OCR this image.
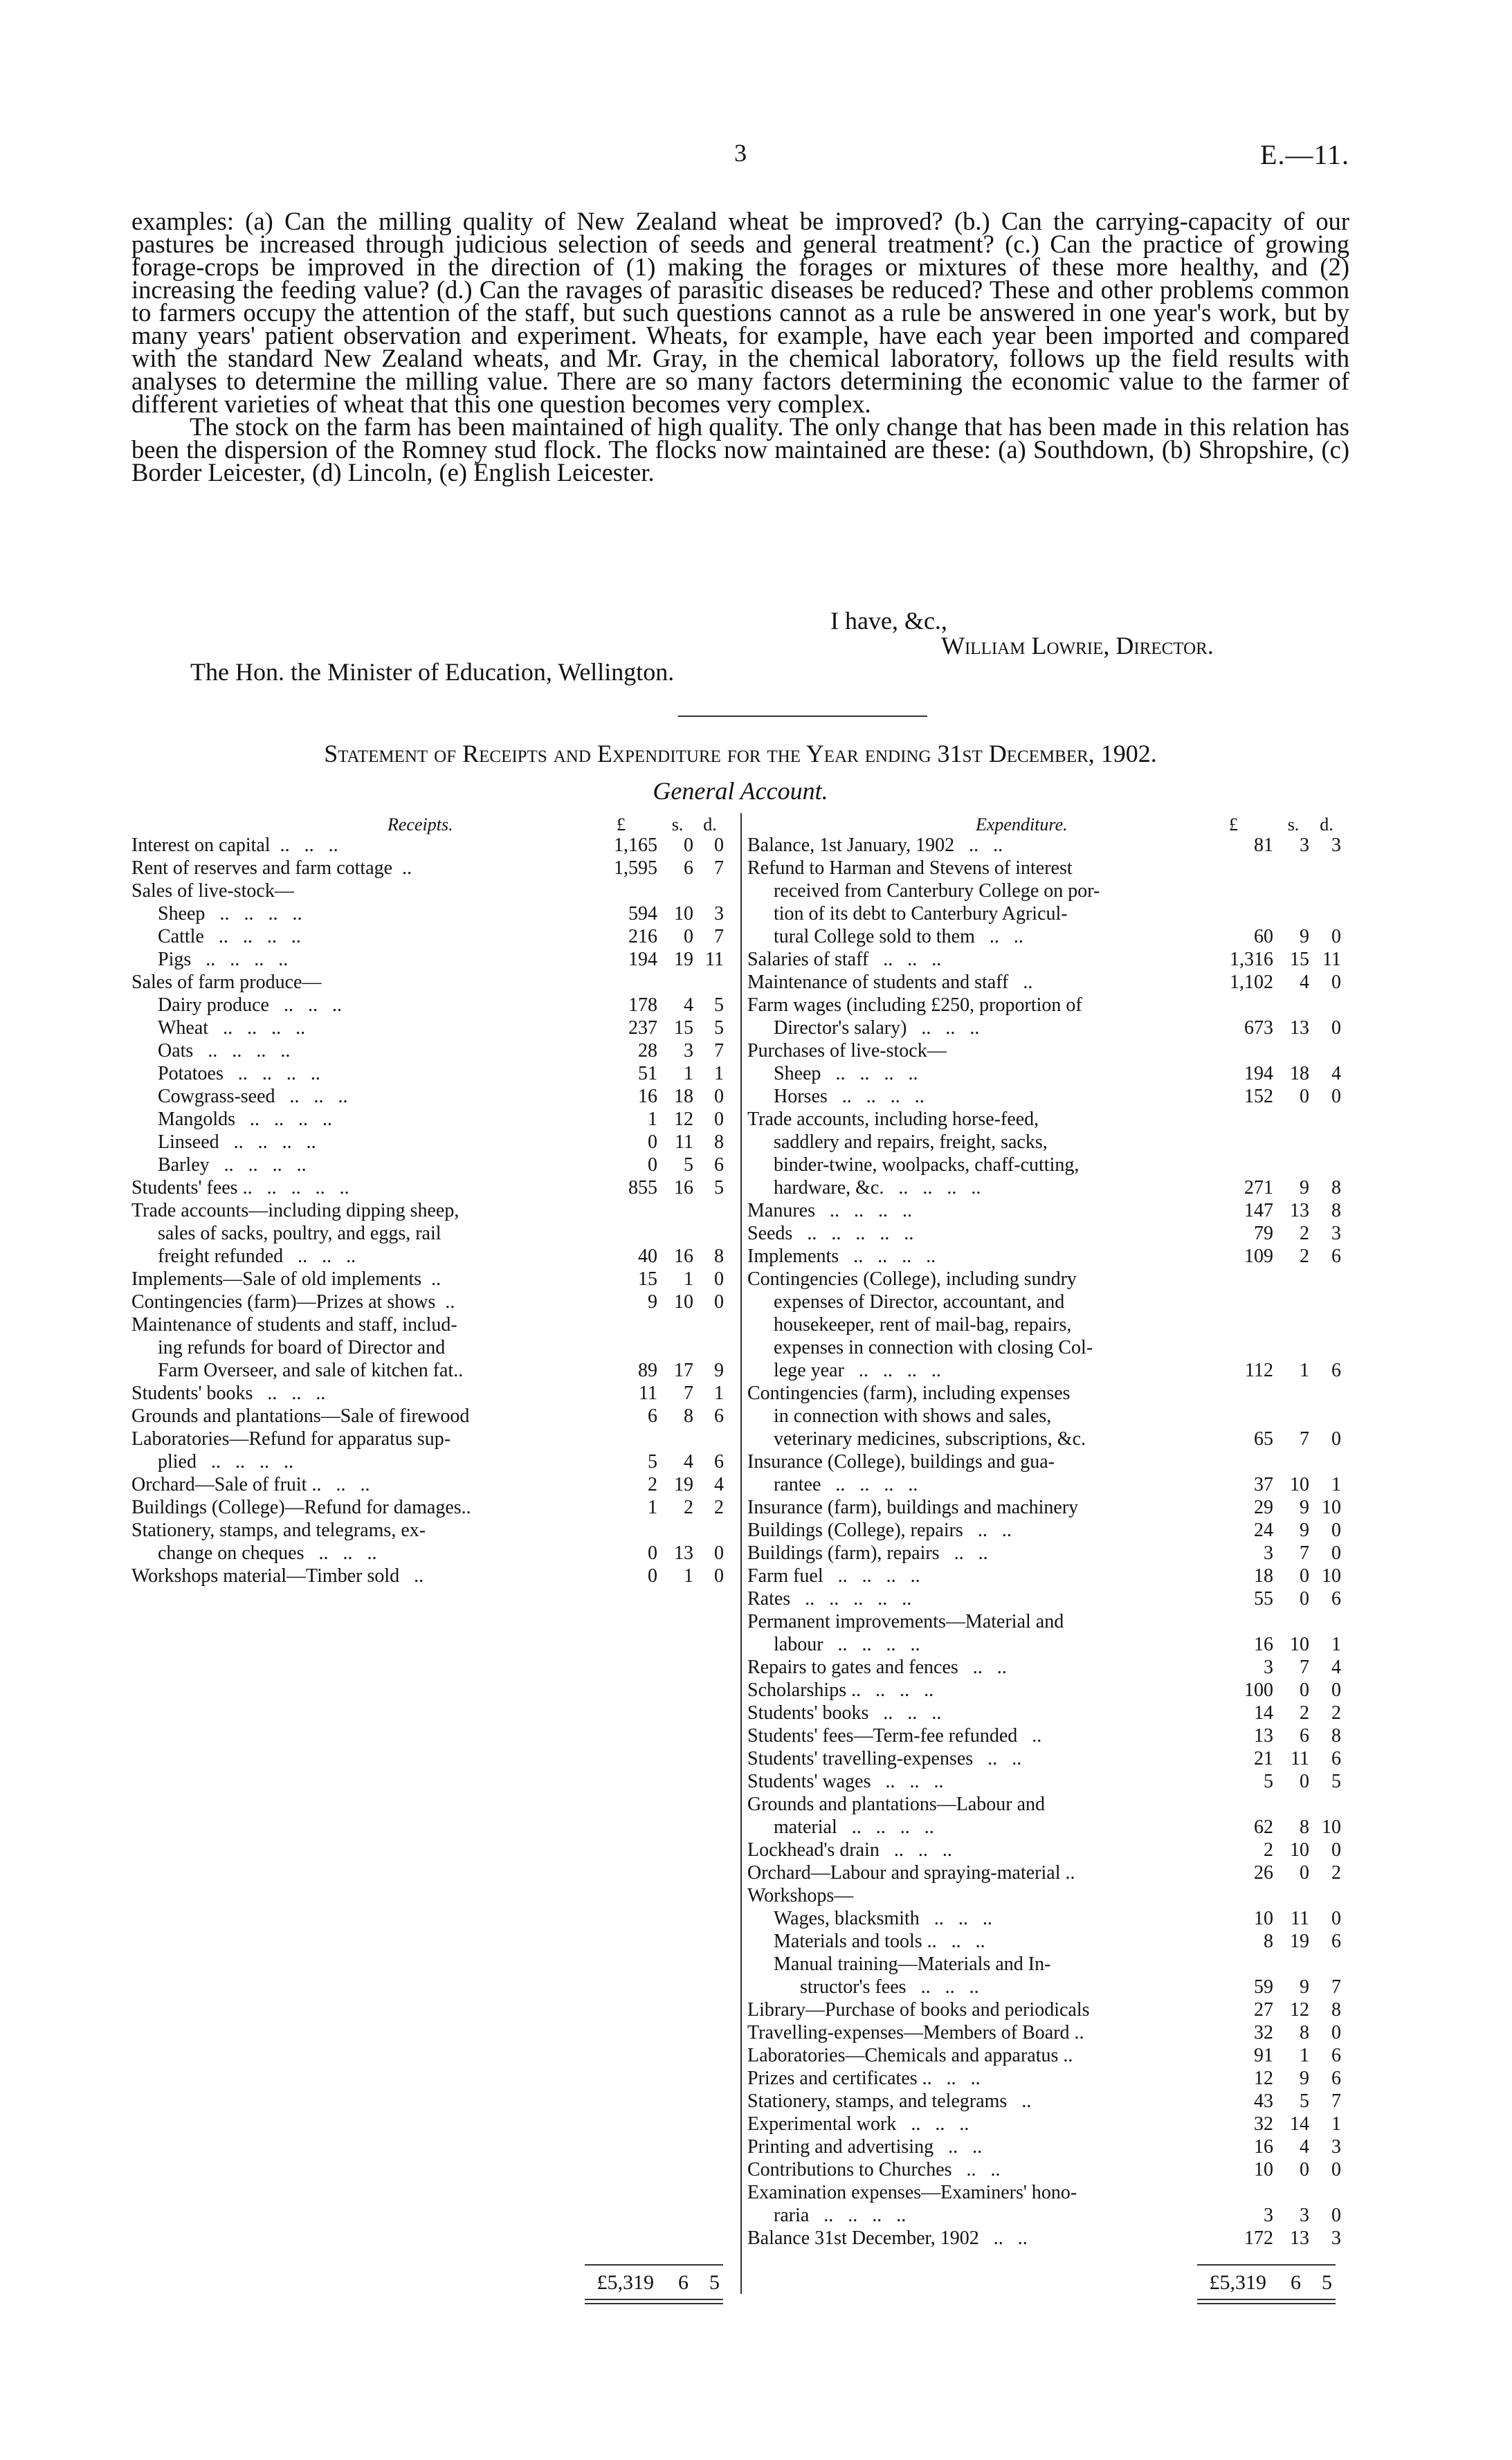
3	E.—11.

examples: (a) Can the milling quality of New Zealand wheat be improved? (b.) Can the carrying-capacity of our pastures be increased through judicious selection of seeds and general treatment? (c.) Can the practice of growing forage-crops be improved in the direction of (1) making the forages or mixtures of these more healthy, and (2) increasing the feeding value? (d.) Can the ravages of parasitic diseases be reduced? These and other problems common to farmers occupy the attention of the staff, but such questions cannot as a rule be answered in one year's work, but by many years' patient observation and experiment. Wheats, for example, have each year been imported and compared with the standard New Zealand wheats, and Mr. Gray, in the chemical laboratory, follows up the field results with analyses to determine the milling value. There are so many factors determining the economic value to the farmer of different varieties of wheat that this one question becomes very complex.

The stock on the farm has been maintained of high quality. The only change that has been made in this relation has been the dispersion of the Romney stud flock. The flocks now maintained are these: (a) Southdown, (b) Shropshire, (c) Border Leicester, (d) Lincoln, (e) English Leicester.

I have, &c.,
William Lowrie, Director.
The Hon. the Minister of Education, Wellington.
Statement of Receipts and Expenditure for the Year ending 31st December, 1902.
General Account.
Receipts.	£	s.	d.
Interest on capital  ..   ..   ..	1,165	0	0
Rent of reserves and farm cottage  ..	1,595	6	7
Sales of live-stock—
Sheep   ..   ..   ..   ..	594 10	3
Cattle   ..   ..   ..   ..	216	0	7
Pigs   ..   ..   ..   ..	194 19 11
Sales of farm produce—
Dairy produce   ..   ..   ..	178	4	5
Wheat   ..   ..   ..   ..	237 15	5
Oats   ..   ..   ..   ..	28	3	7
Potatoes   ..   ..   ..   ..	51	1	1
Cowgrass-seed   ..   ..   ..	16 18	0
Mangolds   ..   ..   ..   ..	1 12	0
Linseed   ..   ..   ..   ..	0 11	8
Barley   ..   ..   ..   ..	0	5	6
Students' fees ..   ..   ..   ..   ..	855 16	5
Trade accounts—including dipping sheep,
sales of sacks, poultry, and eggs, rail
freight refunded   ..   ..   ..	40 16	8
Implements—Sale of old implements  ..	15	1	0
Contingencies (farm)—Prizes at shows  ..	9 10	0
Maintenance of students and staff, includ-
ing refunds for board of Director and
Farm Overseer, and sale of kitchen fat..	89 17	9
Students' books   ..   ..   ..	11	7	1
Grounds and plantations—Sale of firewood	6	8	6
Laboratories—Refund for apparatus sup-
plied   ..   ..   ..   ..	5	4	6
Orchard—Sale of fruit ..   ..   ..	2 19	4
Buildings (College)—Refund for damages..	1	2	2
Stationery, stamps, and telegrams, ex-
change on cheques   ..   ..   ..	0 13	0
Workshops material—Timber sold   ..	0	1	0
Expenditure.	£	s.	d.
Balance, 1st January, 1902   ..   ..	81	3	3
Refund to Harman and Stevens of interest
received from Canterbury College on por-
tion of its debt to Canterbury Agricul-
tural College sold to them   ..   ..	60	9	0
Salaries of staff   ..   ..   ..	1,316 15 11
Maintenance of students and staff   ..	1,102	4	0
Farm wages (including £250, proportion of
Director's salary)   ..   ..   ..	673 13	0
Purchases of live-stock—
Sheep   ..   ..   ..   ..	194 18	4
Horses   ..   ..   ..   ..	152	0	0
Trade accounts, including horse-feed,
saddlery and repairs, freight, sacks,
binder-twine, woolpacks, chaff-cutting,
hardware, &c.   ..   ..   ..   ..	271	9	8
Manures   ..   ..   ..   ..	147 13	8
Seeds   ..   ..   ..   ..   ..	79	2	3
Implements   ..   ..   ..   ..	109	2	6
Contingencies (College), including sundry
expenses of Director, accountant, and
housekeeper, rent of mail-bag, repairs,
expenses in connection with closing Col-
lege year   ..   ..   ..   ..	112	1	6
Contingencies (farm), including expenses
in connection with shows and sales,
veterinary medicines, subscriptions, &c.	65	7	0
Insurance (College), buildings and gua-
rantee   ..   ..   ..   ..	37 10	1
Insurance (farm), buildings and machinery	29	9 10
Buildings (College), repairs   ..   ..	24	9	0
Buildings (farm), repairs   ..   ..	3	7	0
Farm fuel   ..   ..   ..   ..	18	0 10
Rates   ..   ..   ..   ..   ..	55	0	6
Permanent improvements—Material and
labour   ..   ..   ..   ..	16 10	1
Repairs to gates and fences   ..   ..	3	7	4
Scholarships ..   ..   ..   ..	100	0	0
Students' books   ..   ..   ..	14	2	2
Students' fees—Term-fee refunded   ..	13	6	8
Students' travelling-expenses   ..   ..	21 11	6
Students' wages   ..   ..   ..	5	0	5
Grounds and plantations—Labour and
material   ..   ..   ..   ..	62	8 10
Lockhead's drain   ..   ..   ..	2 10	0
Orchard—Labour and spraying-material ..	26	0	2
Workshops—
Wages, blacksmith   ..   ..   ..	10 11	0
Materials and tools ..   ..   ..	8 19	6
Manual training—Materials and In-
structor's fees   ..   ..   ..	59	9	7
Library—Purchase of books and periodicals	27 12	8
Travelling-expenses—Members of Board ..	32	8	0
Laboratories—Chemicals and apparatus ..	91	1	6
Prizes and certificates ..   ..   ..	12	9	6
Stationery, stamps, and telegrams   ..	43	5	7
Experimental work   ..   ..   ..	32 14	1
Printing and advertising   ..   ..	16	4	3
Contributions to Churches   ..   ..	10	0	0
Examination expenses—Examiners' hono-
raria   ..   ..   ..   ..	3	3	0
Balance 31st December, 1902   ..   ..	172 13	3
£5,319	6	5	£5,319	6	5
